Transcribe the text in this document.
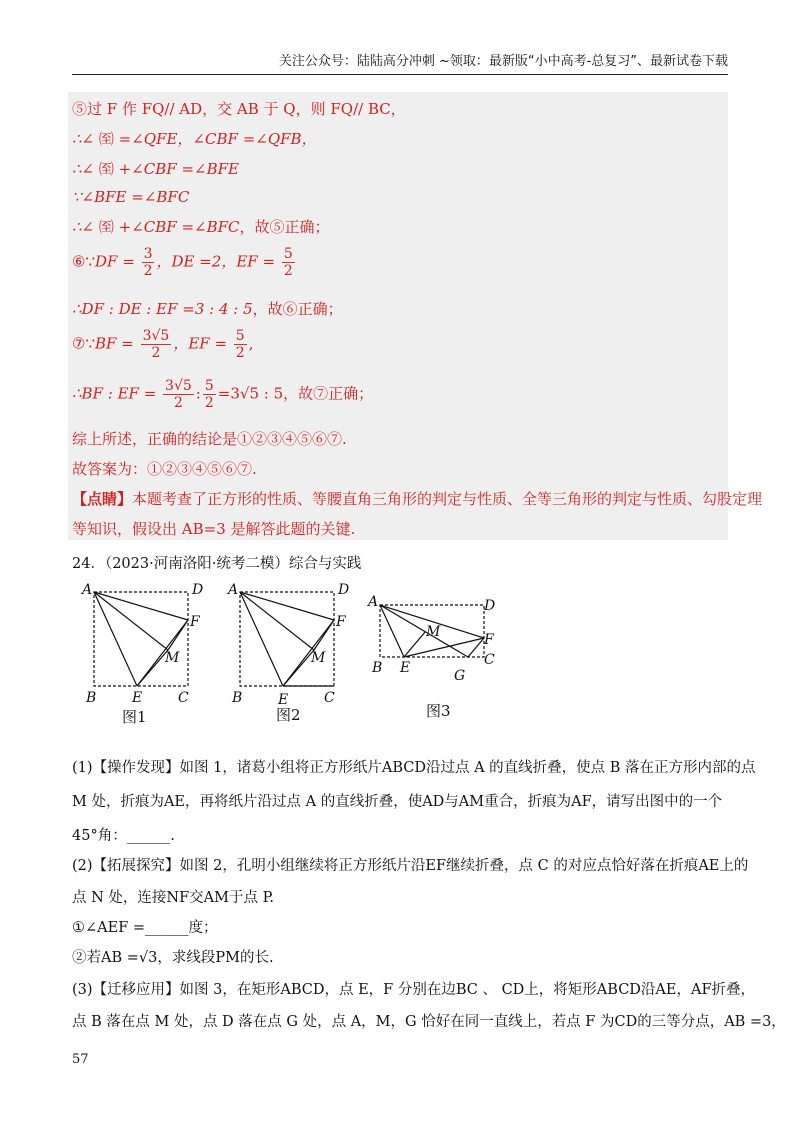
关注公众号：陆陆高分冲刺 ~领取：最新版“小中高考-总复习”、最新试卷下载
⑤过 F 作 FQ// AD，交 AB 于 Q，则 FQ// BC，
∴∠ ㉃ =∠QFE，∠CBF =∠QFB，
∴∠ ㉃ +∠CBF =∠BFE
∵∠BFE =∠BFC
∴∠ ㉃ +∠CBF =∠BFC，故⑤正确；
⑥∵DF = $\frac{3}{2}$ ，DE =2，EF = $\frac{5}{2}$
∴DF : DE : EF =3 : 4 : 5，故⑥正确；
⑦∵BF = $\frac{3√5}{2}$ ，EF = $\frac{5}{2}$ ,
∴BF : EF = $\frac{3√5}{2}$ : $\frac{5}{2} =3√5$ : 5，故⑦正确；
综上所述，正确的结论是①②③④⑤⑥⑦.
故答案为：①②③④⑤⑥⑦.
【点睛】本题考查了正方形的性质、等腰直角三角形的判定与性质、全等三角形的判定与性质、勾股定理
等知识，假设出 AB=3 是解答此题的关键.
24．（2023·河南洛阳·统考二模）综合与实践
A	D
F
M
B	E	C
A	D
F
M
B	E	C
A	D
M	F
C
B E	G
图1	图2	图3
(1)【操作发现】如图 1，诸葛小组将正方形纸片ABCD沿过点 A 的直线折叠，使点 B 落在正方形内部的点
M 处，折痕为AE，再将纸片沿过点 A 的直线折叠，使AD与AM重合，折痕为AF，请写出图中的一个
45°角：______.
(2)【拓展探究】如图 2，孔明小组继续将正方形纸片沿EF继续折叠，点 C 的对应点恰好落在折痕AE上的
点 N 处，连接NF交AM于点 P.
①∠AEF =______度；
②若AB =√3，求线段PM的长.
(3)【迁移应用】如图 3，在矩形ABCD，点 E，F 分别在边BC 、 CD上，将矩形ABCD沿AE，AF折叠，
点 B 落在点 M 处，点 D 落在点 G 处，点 A，M，G 恰好在同一直线上，若点 F 为CD的三等分点，AB =3，
57
